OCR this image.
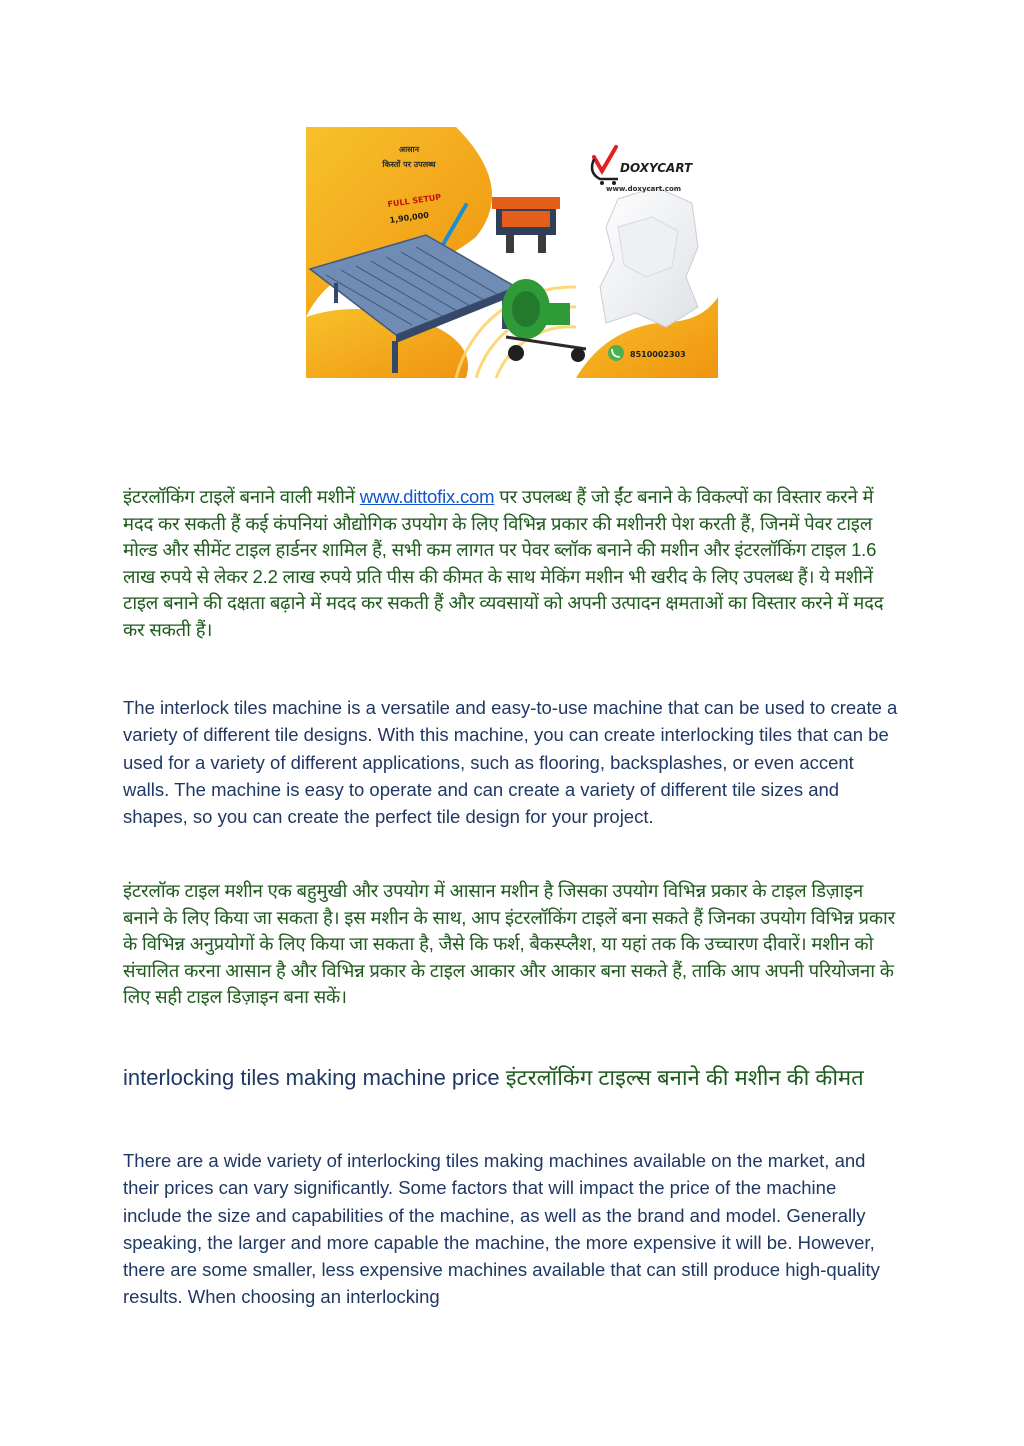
आसान
किस्तों पर उपलब्ध
FULL SETUP
1,90,000
DOXYCART
www.doxycart.com
8510002303

इंटरलॉकिंग टाइलें बनाने वाली मशीनें www.dittofix.com पर उपलब्ध हैं जो ईंट बनाने के विकल्पों का विस्तार करने में मदद कर सकती हैं कई कंपनियां औद्योगिक उपयोग के लिए विभिन्न प्रकार की मशीनरी पेश करती हैं, जिनमें पेवर टाइल मोल्ड और सीमेंट टाइल हार्डनर शामिल हैं, सभी कम लागत पर पेवर ब्लॉक बनाने की मशीन और इंटरलॉकिंग टाइल 1.6 लाख रुपये से लेकर 2.2 लाख रुपये प्रति पीस की कीमत के साथ मेकिंग मशीन भी खरीद के लिए उपलब्ध हैं। ये मशीनें टाइल बनाने की दक्षता बढ़ाने में मदद कर सकती हैं और व्यवसायों को अपनी उत्पादन क्षमताओं का विस्तार करने में मदद कर सकती हैं।

The interlock tiles machine is a versatile and easy-to-use machine that can be used to create a variety of different tile designs. With this machine, you can create interlocking tiles that can be used for a variety of different applications, such as flooring, backsplashes, or even accent walls. The machine is easy to operate and can create a variety of different tile sizes and shapes, so you can create the perfect tile design for your project.

इंटरलॉक टाइल मशीन एक बहुमुखी और उपयोग में आसान मशीन है जिसका उपयोग विभिन्न प्रकार के टाइल डिज़ाइन बनाने के लिए किया जा सकता है। इस मशीन के साथ, आप इंटरलॉकिंग टाइलें बना सकते हैं जिनका उपयोग विभिन्न प्रकार के विभिन्न अनुप्रयोगों के लिए किया जा सकता है, जैसे कि फर्श, बैकस्प्लैश, या यहां तक कि उच्चारण दीवारें। मशीन को संचालित करना आसान है और विभिन्न प्रकार के टाइल आकार और आकार बना सकते हैं, ताकि आप अपनी परियोजना के लिए सही टाइल डिज़ाइन बना सकें।

interlocking tiles making machine price इंटरलॉकिंग टाइल्स बनाने की मशीन की कीमत

There are a wide variety of interlocking tiles making machines available on the market, and their prices can vary significantly. Some factors that will impact the price of the machine include the size and capabilities of the machine, as well as the brand and model. Generally speaking, the larger and more capable the machine, the more expensive it will be. However, there are some smaller, less expensive machines available that can still produce high-quality results. When choosing an interlocking
